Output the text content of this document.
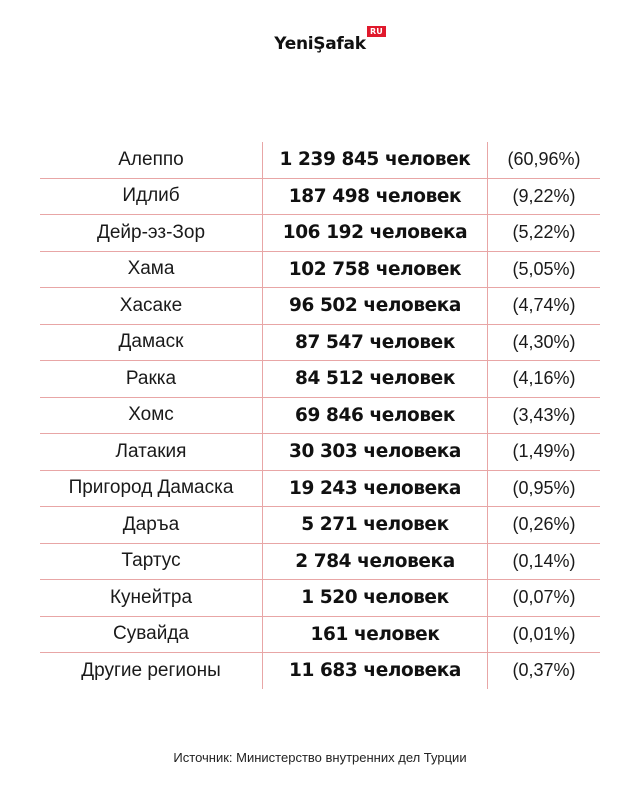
YeniŞafak
RU
Алеппо	1 239 845 человек	(60,96%)
Идлиб	187 498 человек	(9,22%)
Дейр-эз-Зор	106 192 человека	(5,22%)
Хама	102 758 человек	(5,05%)
Хасаке	96 502 человека	(4,74%)
Дамаск	87 547 человек	(4,30%)
Ракка	84 512 человек	(4,16%)
Хомс	69 846 человек	(3,43%)
Латакия	30 303 человека	(1,49%)
Пригород Дамаска	19 243 человека	(0,95%)
Даръа	5 271 человек	(0,26%)
Тартус	2 784 человека	(0,14%)
Кунейтра	1 520 человек	(0,07%)
Сувайда	161 человек	(0,01%)
Другие регионы	11 683 человека	(0,37%)
Источник: Министерство внутренних дел Турции
